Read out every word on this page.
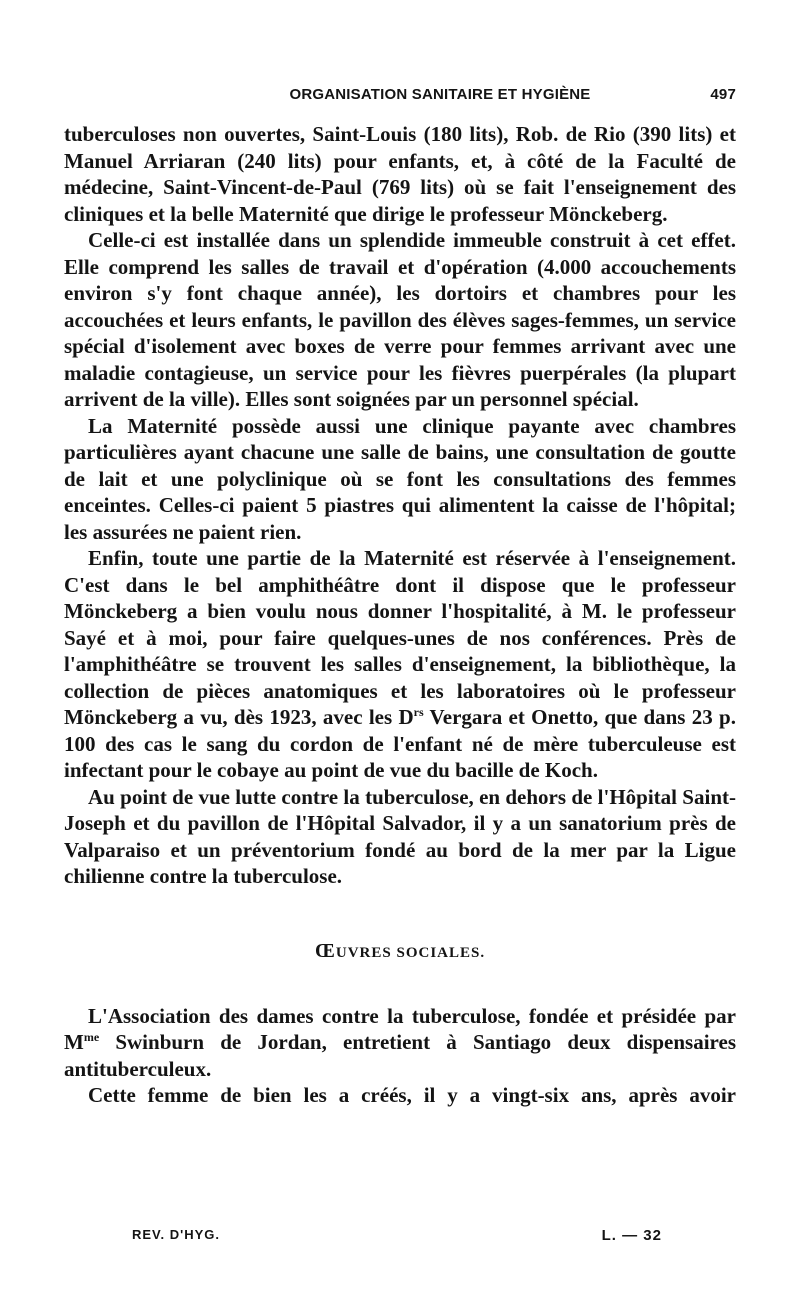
ORGANISATION SANITAIRE ET HYGIÈNE	497

tuberculoses non ouvertes, Saint-Louis (180 lits), Rob. de Rio (390 lits) et Manuel Arriaran (240 lits) pour enfants, et, à côté de la Faculté de médecine, Saint-Vincent-de-Paul (769 lits) où se fait l'enseignement des cliniques et la belle Maternité que dirige le professeur Mönckeberg.

Celle-ci est installée dans un splendide immeuble construit à cet effet. Elle comprend les salles de travail et d'opération (4.000 accouchements environ s'y font chaque année), les dortoirs et chambres pour les accouchées et leurs enfants, le pavillon des élèves sages-femmes, un service spécial d'isolement avec boxes de verre pour femmes arrivant avec une maladie contagieuse, un service pour les fièvres puerpérales (la plupart arrivent de la ville). Elles sont soignées par un personnel spécial.

La Maternité possède aussi une clinique payante avec chambres particulières ayant chacune une salle de bains, une consultation de goutte de lait et une polyclinique où se font les consultations des femmes enceintes. Celles-ci paient 5 piastres qui alimentent la caisse de l'hôpital; les assurées ne paient rien.

Enfin, toute une partie de la Maternité est réservée à l'enseignement. C'est dans le bel amphithéâtre dont il dispose que le professeur Mönckeberg a bien voulu nous donner l'hospitalité, à M. le professeur Sayé et à moi, pour faire quelques-unes de nos conférences. Près de l'amphithéâtre se trouvent les salles d'enseignement, la bibliothèque, la collection de pièces anatomiques et les laboratoires où le professeur Mönckeberg a vu, dès 1923, avec les $D^{rs}$ Vergara et Onetto, que dans 23 p. 100 des cas le sang du cordon de l'enfant né de mère tuberculeuse est infectant pour le cobaye au point de vue du bacille de Koch.

Au point de vue lutte contre la tuberculose, en dehors de l'Hôpital Saint-Joseph et du pavillon de l'Hôpital Salvador, il y a un sanatorium près de Valparaiso et un préventorium fondé au bord de la mer par la Ligue chilienne contre la tuberculose.

ŒUVRES SOCIALES.

L'Association des dames contre la tuberculose, fondée et présidée par $M^{me}$ Swinburn de Jordan, entretient à Santiago deux dispensaires antituberculeux.

Cette femme de bien les a créés, il y a vingt-six ans, après avoir

REV. D'HYG.	L. — 32
